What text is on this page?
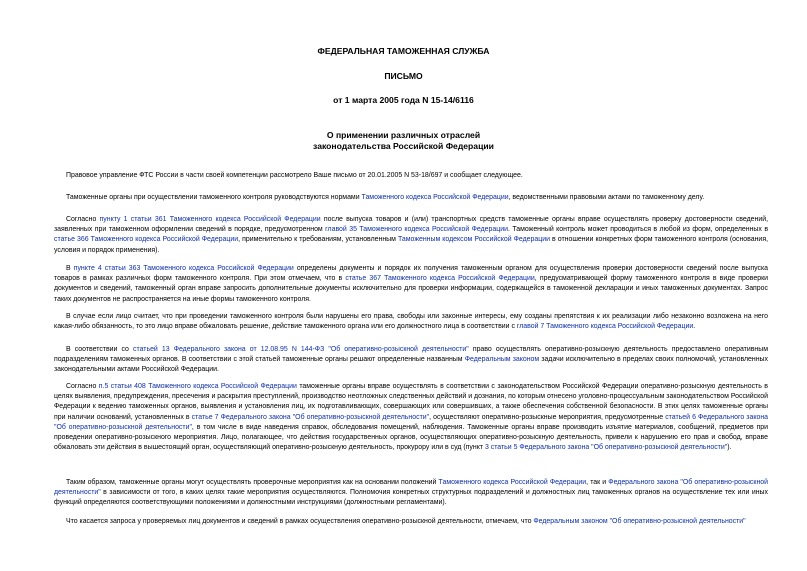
ФЕДЕРАЛЬНАЯ ТАМОЖЕННАЯ СЛУЖБА
ПИСЬМО
от 1 марта 2005 года N 15-14/6116
О применении различных отраслей
законодательства Российской Федерации

Правовое управление ФТС России в части своей компетенции рассмотрело Ваше письмо от 20.01.2005 N 53-18/697 и сообщает следующее.

Таможенные органы при осуществлении таможенного контроля руководствуются нормами Таможенного кодекса Российской Федерации, ведомственными правовыми актами по таможенному делу.

Согласно пункту 1 статьи 361 Таможенного кодекса Российской Федерации после выпуска товаров и (или) транспортных средств таможенные органы вправе осуществлять проверку достоверности сведений, заявленных при таможенном оформлении сведений в порядке, предусмотренном главой 35 Таможенного кодекса Российской Федерации. Таможенный контроль может проводиться в любой из форм, определенных в статье 366 Таможенного кодекса Российской Федерации, применительно к требованиям, установленным Таможенным кодексом Российской Федерации в отношении конкретных форм таможенного контроля (основания, условия и порядок применения).

В пункте 4 статьи 363 Таможенного кодекса Российской Федерации определены документы и порядок их получения таможенным органом для осуществления проверки достоверности сведений после выпуска товаров в рамках различных форм таможенного контроля. При этом отмечаем, что в статье 367 Таможенного кодекса Российской Федерации, предусматривающей форму таможенного контроля в виде проверки документов и сведений, таможенный орган вправе запросить дополнительные документы исключительно для проверки информации, содержащейся в таможенной декларации и иных таможенных документах. Запрос таких документов не распространяется на иные формы таможенного контроля.

В случае если лицо считает, что при проведении таможенного контроля были нарушены его права, свободы или законные интересы, ему созданы препятствия к их реализации либо незаконно возложена на него какая-либо обязанность, то это лицо вправе обжаловать решение, действие таможенного органа или его должностного лица в соответствии с главой 7 Таможенного кодекса Российской Федерации.

В соответствии со статьей 13 Федерального закона от 12.08.95 N 144-ФЗ "Об оперативно-розыскной деятельности" право осуществлять оперативно-розыскную деятельность предоставлено оперативным подразделениям таможенных органов. В соответствии с этой статьей таможенные органы решают определенные названным Федеральным законом задачи исключительно в пределах своих полномочий, установленных законодательными актами Российской Федерации.

Согласно п.5 статьи 408 Таможенного кодекса Российской Федерации таможенные органы вправе осуществлять в соответствии с законодательством Российской Федерации оперативно-розыскную деятельность в целях выявления, предупреждения, пресечения и раскрытия преступлений, производство неотложных следственных действий и дознания, по которым отнесено уголовно-процессуальным законодательством Российской Федерации к ведению таможенных органов, выявления и установления лиц, их подготавливающих, совершающих или совершивших, а также обеспечения собственной безопасности. В этих целях таможенные органы при наличии оснований, установленных в статье 7 Федерального закона "Об оперативно-розыскной деятельности", осуществляют оперативно-розыскные мероприятия, предусмотренные статьей 6 Федерального закона "Об оперативно-розыскной деятельности", в том числе в виде наведения справок, обследования помещений, наблюдения. Таможенные органы вправе производить изъятие материалов, сообщений, предметов при проведении оперативно-розыскного мероприятия. Лицо, полагающее, что действия государственных органов, осуществляющих оперативно-розыскную деятельность, привели к нарушению его прав и свобод, вправе обжаловать эти действия в вышестоящий орган, осуществляющий оперативно-розыскную деятельность, прокурору или в суд (пункт 3 статьи 5 Федерального закона "Об оперативно-розыскной деятельности").

Таким образом, таможенные органы могут осуществлять проверочные мероприятия как на основании положений Таможенного кодекса Российской Федерации, так и Федерального закона "Об оперативно-розыскной деятельности" в зависимости от того, в каких целях такие мероприятия осуществляются. Полномочия конкретных структурных подразделений и должностных лиц таможенных органов на осуществление тех или иных функций определяются соответствующими положениями и должностными инструкциями (должностными регламентами).

Что касается запроса у проверяемых лиц документов и сведений в рамках осуществления оперативно-розыскной деятельности, отмечаем, что Федеральным законом "Об оперативно-розыскной деятельности"
